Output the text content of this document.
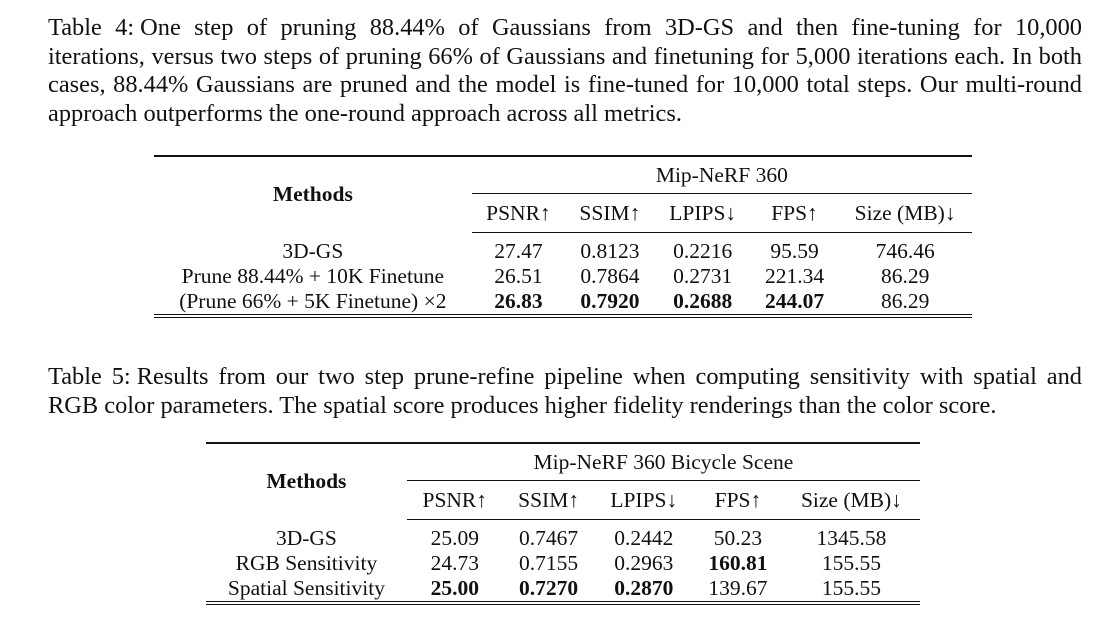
Table 4: One step of pruning 88.44% of Gaussians from 3D-GS and then fine-tuning for 10,000 iterations, versus two steps of pruning 66% of Gaussians and finetuning for 5,000 iterations each. In both cases, 88.44% Gaussians are pruned and the model is fine-tuned for 10,000 total steps. Our multi-round approach outperforms the one-round approach across all metrics.

Methods	Mip-NeRF 360				
	PSNR↑	SSIM↑	LPIPS↓	FPS↑	Size (MB)↓
3D-GS	27.47	0.8123	0.2216	95.59	746.46
Prune 88.44% + 10K Finetune	26.51	0.7864	0.2731	221.34	86.29
(Prune 66% + 5K Finetune) ×2	26.83	0.7920	0.2688	244.07	86.29

Table 5: Results from our two step prune-refine pipeline when computing sensitivity with spatial and RGB color parameters. The spatial score produces higher fidelity renderings than the color score.

Methods	Mip-NeRF 360 Bicycle Scene				
	PSNR↑	SSIM↑	LPIPS↓	FPS↑	Size (MB)↓
3D-GS	25.09	0.7467	0.2442	50.23	1345.58
RGB Sensitivity	24.73	0.7155	0.2963	160.81	155.55
Spatial Sensitivity	25.00	0.7270	0.2870	139.67	155.55
